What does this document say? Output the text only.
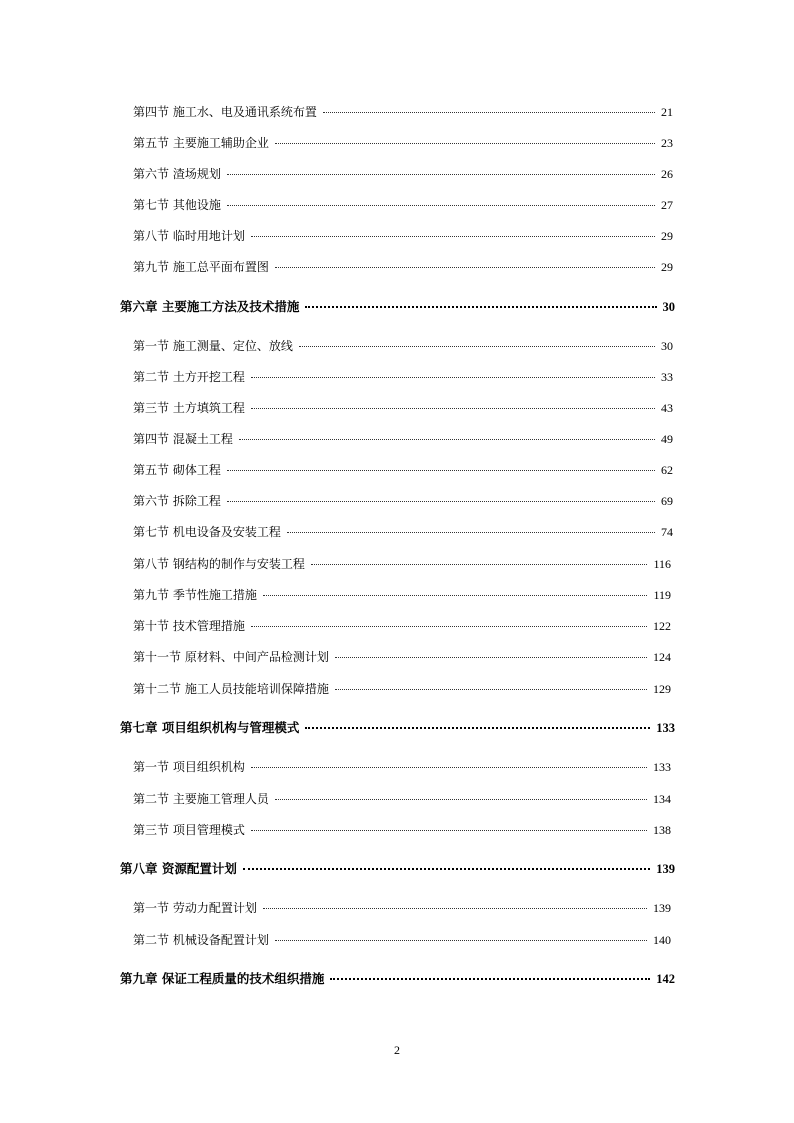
第四节 施工水、电及通讯系统布置	21
第五节 主要施工辅助企业	23
第六节 渣场规划	26
第七节 其他设施	27
第八节 临时用地计划	29
第九节 施工总平面布置图	29
第六章 主要施工方法及技术措施	30
第一节 施工测量、定位、放线	30
第二节 土方开挖工程	33
第三节 土方填筑工程	43
第四节 混凝土工程	49
第五节 砌体工程	62
第六节 拆除工程	69
第七节 机电设备及安装工程	74
第八节 钢结构的制作与安装工程	116
第九节 季节性施工措施	119
第十节 技术管理措施	122
第十一节 原材料、中间产品检测计划	124
第十二节 施工人员技能培训保障措施	129
第七章 项目组织机构与管理模式	133
第一节 项目组织机构	133
第二节 主要施工管理人员	134
第三节 项目管理模式	138
第八章 资源配置计划	139
第一节 劳动力配置计划	139
第二节 机械设备配置计划	140
第九章 保证工程质量的技术组织措施	142
2
